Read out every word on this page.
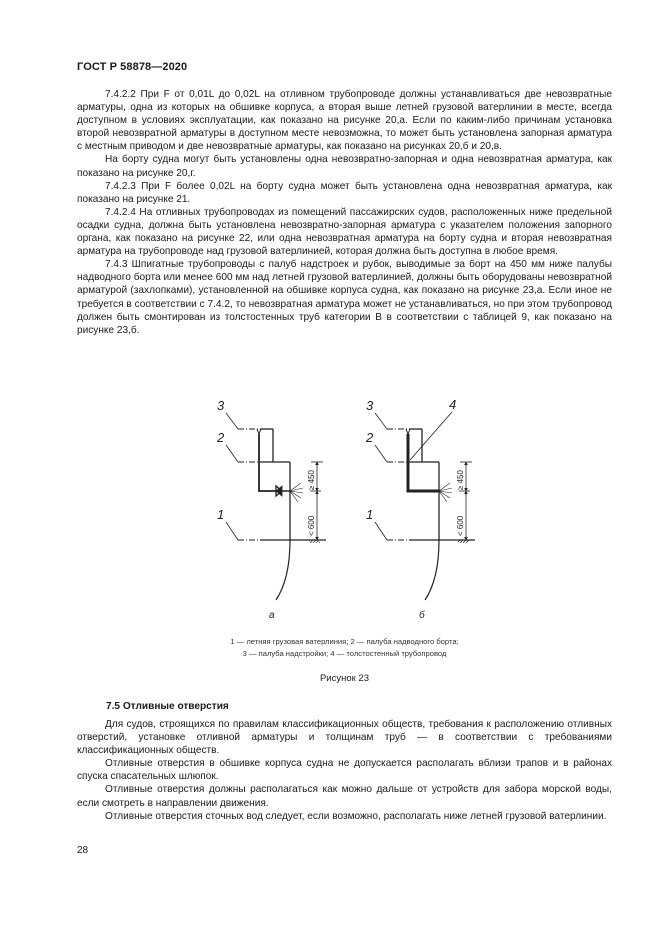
ГОСТ Р 58878—2020

7.4.2.2 При F от 0,01L до 0,02L на отливном трубопроводе должны устанавливаться две невозвратные арматуры, одна из которых на обшивке корпуса, а вторая выше летней грузовой ватерлинии в месте, всегда доступном в условиях эксплуатации, как показано на рисунке 20,а. Если по каким-либо причинам установка второй невозвратной арматуры в доступном месте невозможна, то может быть установлена запорная арматура с местным приводом и две невозвратные арматуры, как показано на рисунках 20,б и 20,в.

На борту судна могут быть установлены одна невозвратно-запорная и одна невозвратная арматура, как показано на рисунке 20,г.

7.4.2.3 При F более 0,02L на борту судна может быть установлена одна невозвратная арматура, как показано на рисунке 21.

7.4.2.4 На отливных трубопроводах из помещений пассажирских судов, расположенных ниже предельной осадки судна, должна быть установлена невозвратно-запорная арматура с указателем положения запорного органа, как показано на рисунке 22, или одна невозвратная арматура на борту судна и вторая невозвратная арматура на трубопроводе над грузовой ватерлинией, которая должна быть доступна в любое время.

7.4.3 Шпигатные трубопроводы с палуб надстроек и рубок, выводимые за борт на 450 мм ниже палубы надводного борта или менее 600 мм над летней грузовой ватерлинией, должны быть оборудованы невозвратной арматурой (захлопками), установленной на обшивке корпуса судна, как показано на рисунке 23,а. Если иное не требуется в соответствии с 7.4.2, то невозвратная арматура может не устанавливаться, но при этом трубопровод должен быть смонтирован из толстостенных труб категории В в соответствии с таблицей 9, как показано на рисунке 23,б.

≥ 450
< 600
3
2
1
а
≥ 450
< 600
3
2
1
4
б
1 — летняя грузовая ватерлиния; 2 — палуба надводного борта;
3 — палуба надстройки; 4 — толстостенный трубопровод
Рисунок 23
7.5 Отливные отверстия

Для судов, строящихся по правилам классификационных обществ, требования к расположению отливных отверстий, установке отливной арматуры и толщинам труб — в соответствии с требованиями классификационных обществ.

Отливные отверстия в обшивке корпуса судна не допускается располагать вблизи трапов и в районах спуска спасательных шлюпок.

Отливные отверстия должны располагаться как можно дальше от устройств для забора морской воды, если смотреть в направлении движения.

Отливные отверстия сточных вод следует, если возможно, располагать ниже летней грузовой ватерлинии.

28
